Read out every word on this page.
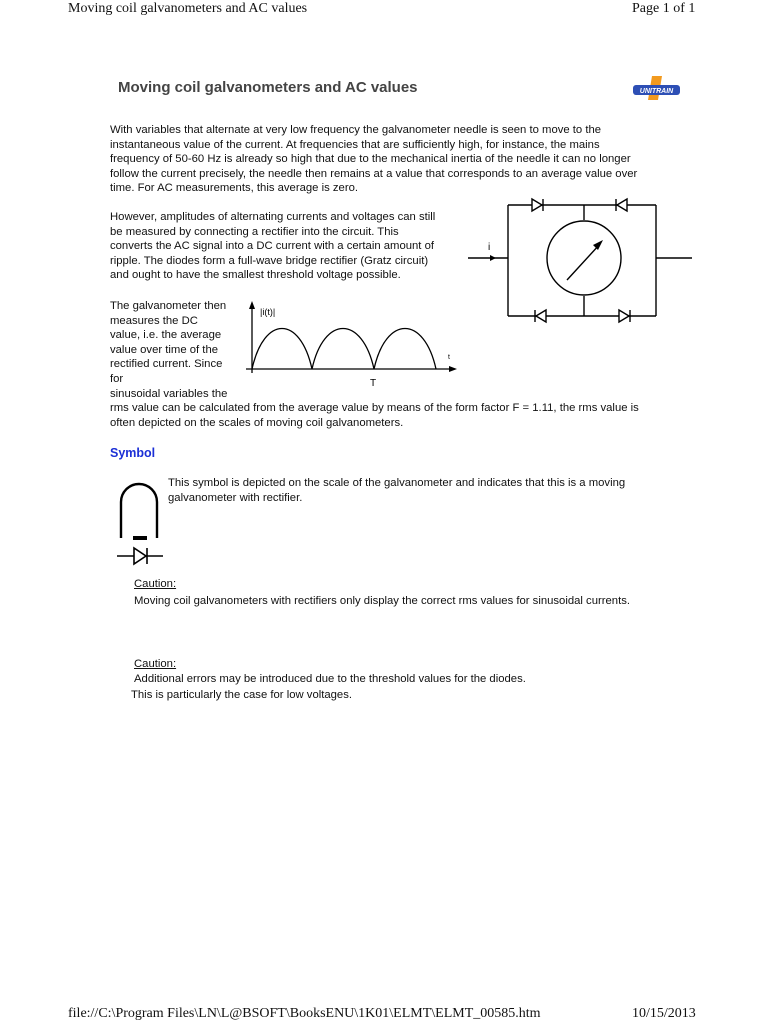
Moving coil galvanometers and AC values	Page 1 of 1
Moving coil galvanometers and AC values	UNITRAIN
With variables that alternate at very low frequency the galvanometer needle is seen to move to the
instantaneous value of the current. At frequencies that are sufficiently high, for instance, the mains
frequency of 50-60 Hz is already so high that due to the mechanical inertia of the needle it can no longer
follow the current precisely, the needle then remains at a value that corresponds to an average value over
time. For AC measurements, this average is zero.
However, amplitudes of alternating currents and voltages can still
be measured by connecting a rectifier into the circuit. This
converts the AC signal into a DC current with a certain amount of
ripple. The diodes form a full-wave bridge rectifier (Gratz circuit)
and ought to have the smallest threshold voltage possible.
i
The galvanometer then
measures the DC
value, i.e. the average
value over time of the
rectified current. Since
for
sinusoidal variables the
|i(t)|
t
T
rms value can be calculated from the average value by means of the form factor F = 1.11, the rms value is
often depicted on the scales of moving coil galvanometers.
Symbol
This symbol is depicted on the scale of the galvanometer and indicates that this is a moving
galvanometer with rectifier.
Caution:
Moving coil galvanometers with rectifiers only display the correct rms values for sinusoidal currents.
Caution:
Additional errors may be introduced due to the threshold values for the diodes.
This is particularly the case for low voltages.
file://C:\Program Files\LN\L@BSOFT\BooksENU\1K01\ELMT\ELMT_00585.htm	10/15/2013
